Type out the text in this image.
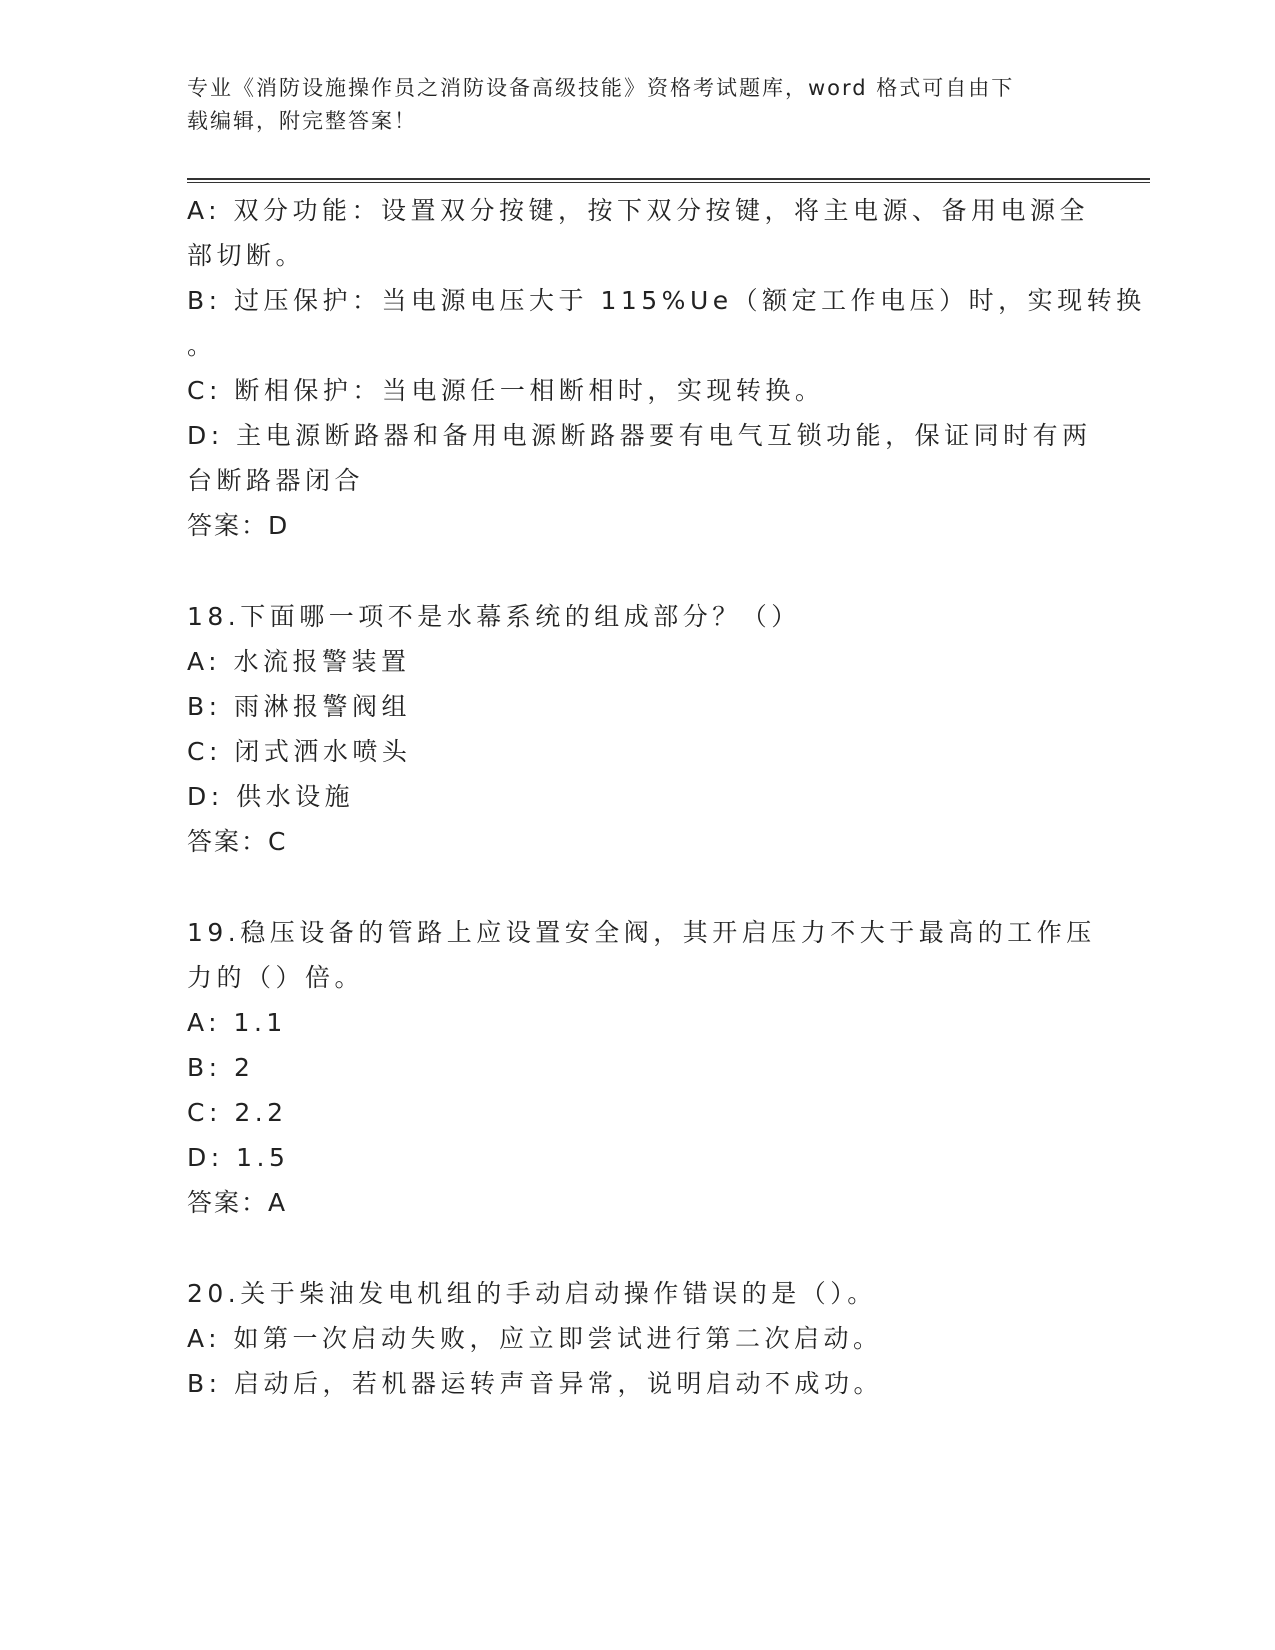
专业《消防设施操作员之消防设备高级技能》资格考试题库，word 格式可自由下
载编辑，附完整答案！
A: 双分功能：设置双分按键，按下双分按键，将主电源、备用电源全
部切断。
B: 过压保护：当电源电压大于 115%Ue（额定工作电压）时，实现转换
。
C: 断相保护：当电源任一相断相时，实现转换。
D: 主电源断路器和备用电源断路器要有电气互锁功能，保证同时有两
台断路器闭合
答案：D
18.下面哪一项不是水幕系统的组成部分？（）
A: 水流报警装置
B: 雨淋报警阀组
C: 闭式洒水喷头
D: 供水设施
答案：C
19.稳压设备的管路上应设置安全阀，其开启压力不大于最高的工作压
力的（）倍。
A: 1.1
B: 2
C: 2.2
D: 1.5
答案：A
20.关于柴油发电机组的手动启动操作错误的是（）。
A: 如第一次启动失败，应立即尝试进行第二次启动。
B: 启动后，若机器运转声音异常，说明启动不成功。
